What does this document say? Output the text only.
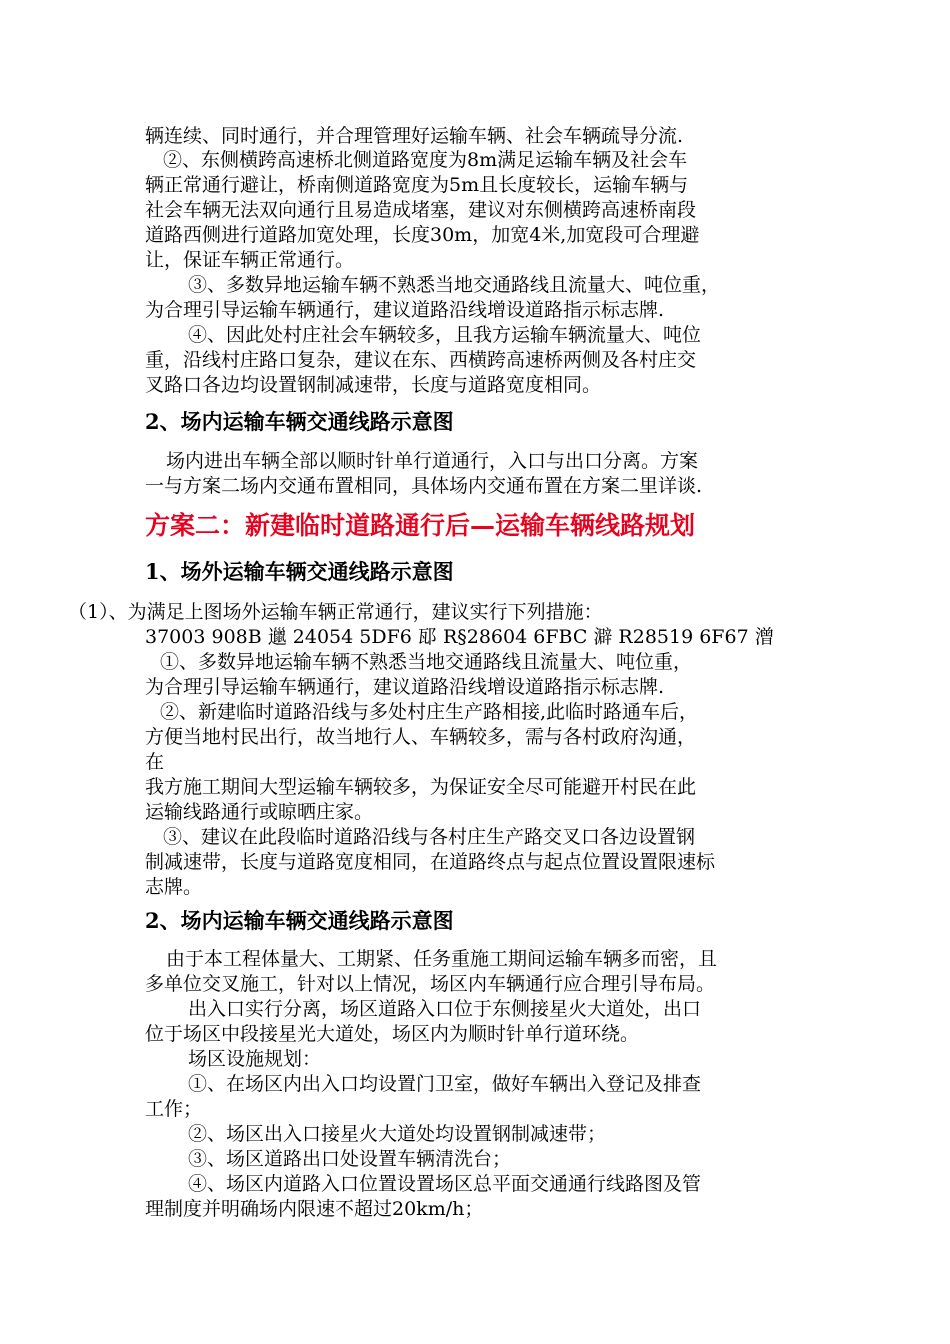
辆连续、同时通行，并合理管理好运输车辆、社会车辆疏导分流.
②、东侧横跨高速桥北侧道路宽度为8m满足运输车辆及社会车
辆正常通行避让，桥南侧道路宽度为5m且长度较长，运输车辆与
社会车辆无法双向通行且易造成堵塞，建议对东侧横跨高速桥南段
道路西侧进行道路加宽处理，长度30m，加宽4米,加宽段可合理避
让，保证车辆正常通行。
③、多数异地运输车辆不熟悉当地交通路线且流量大、吨位重，
为合理引导运输车辆通行，建议道路沿线增设道路指示标志牌.
④、因此处村庄社会车辆较多，且我方运输车辆流量大、吨位
重，沿线村庄路口复杂，建议在东、西横跨高速桥两侧及各村庄交
叉路口各边均设置钢制减速带，长度与道路宽度相同。
2、场内运输车辆交通线路示意图
场内进出车辆全部以顺时针单行道通行，入口与出口分离。方案
一与方案二场内交通布置相同，具体场内交通布置在方案二里详谈.
方案二：新建临时道路通行后—运输车辆线路规划
1、场外运输车辆交通线路示意图
（1）、为满足上图场外运输车辆正常通行，建议实行下列措施：
37003 908B 邋 24054 5DF6 邷 R§28604 6FBC 澼 R28519 6F67 潧
①、多数异地运输车辆不熟悉当地交通路线且流量大、吨位重，
为合理引导运输车辆通行，建议道路沿线增设道路指示标志牌.
②、新建临时道路沿线与多处村庄生产路相接,此临时路通车后，
方便当地村民出行，故当地行人、车辆较多，需与各村政府沟通，
在
我方施工期间大型运输车辆较多，为保证安全尽可能避开村民在此
运输线路通行或晾晒庄家。
③、建议在此段临时道路沿线与各村庄生产路交叉口各边设置钢
制减速带，长度与道路宽度相同，在道路终点与起点位置设置限速标
志牌。
2、场内运输车辆交通线路示意图
由于本工程体量大、工期紧、任务重施工期间运输车辆多而密，且
多单位交叉施工，针对以上情况，场区内车辆通行应合理引导布局。
出入口实行分离，场区道路入口位于东侧接星火大道处，出口
位于场区中段接星光大道处，场区内为顺时针单行道环绕。
场区设施规划：
①、在场区内出入口均设置门卫室，做好车辆出入登记及排查
工作；
②、场区出入口接星火大道处均设置钢制减速带；
③、场区道路出口处设置车辆清洗台；
④、场区内道路入口位置设置场区总平面交通通行线路图及管
理制度并明确场内限速不超过20km/h；
